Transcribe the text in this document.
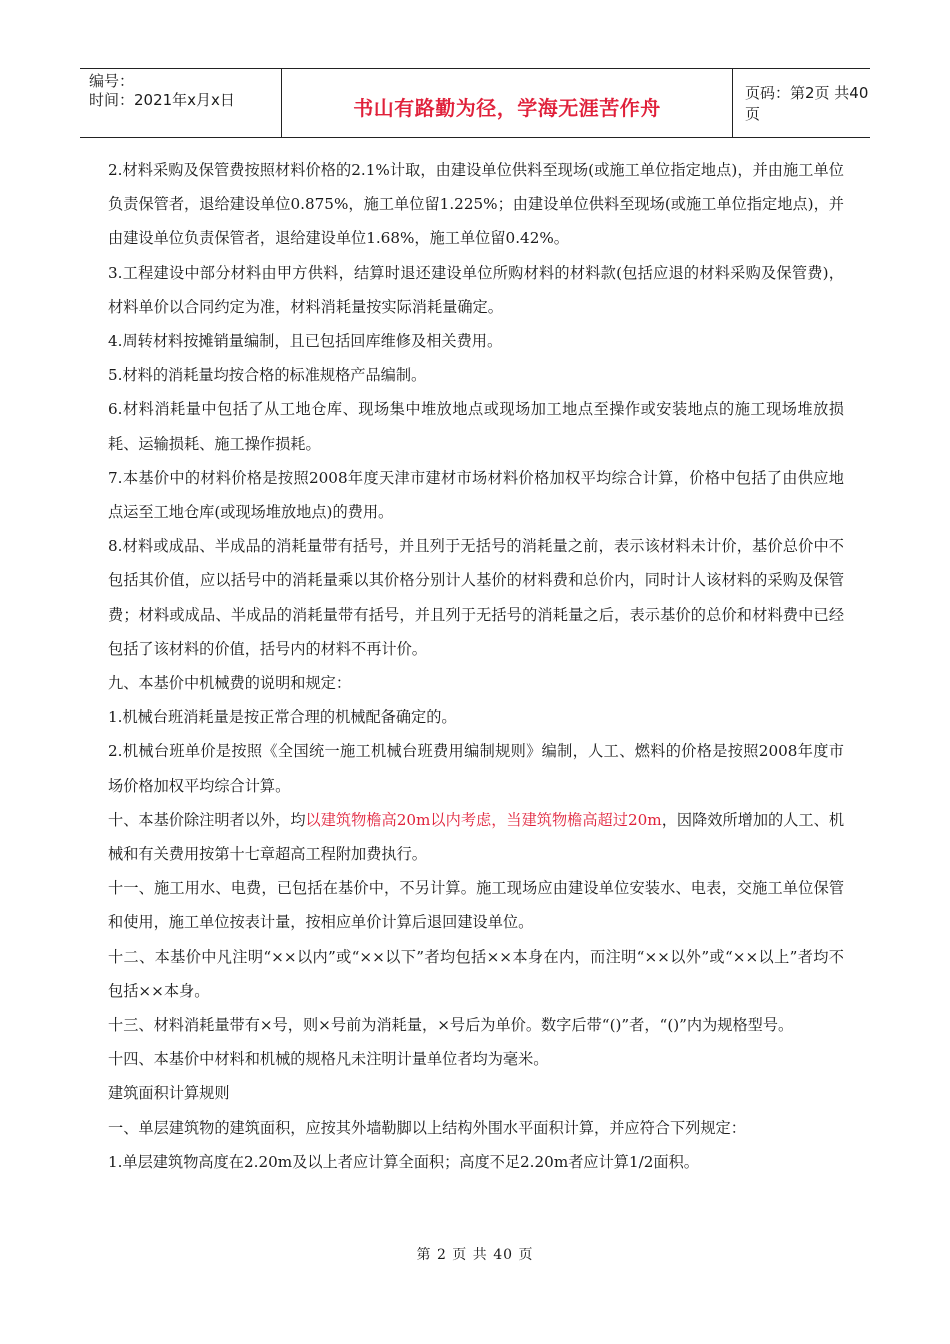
编号：
时间：2021年x月x日	书山有路勤为径，学海无涯苦作舟
页码：第2页 共40页

2.材料采购及保管费按照材料价格的2.1%计取，由建设单位供料至现场(或施工单位指定地点)，并由施工单位负责保管者，退给建设单位0.875%，施工单位留1.225%；由建设单位供料至现场(或施工单位指定地点)，并由建设单位负责保管者，退给建设单位1.68%，施工单位留0.42%。

3.工程建设中部分材料由甲方供料，结算时退还建设单位所购材料的材料款(包括应退的材料采购及保管费)，材料单价以合同约定为准，材料消耗量按实际消耗量确定。

4.周转材料按摊销量编制，且已包括回库维修及相关费用。

5.材料的消耗量均按合格的标准规格产品编制。

6.材料消耗量中包括了从工地仓库、现场集中堆放地点或现场加工地点至操作或安装地点的施工现场堆放损耗、运输损耗、施工操作损耗。

7.本基价中的材料价格是按照2008年度天津市建材市场材料价格加权平均综合计算，价格中包括了由供应地点运至工地仓库(或现场堆放地点)的费用。

8.材料或成品、半成品的消耗量带有括号，并且列于无括号的消耗量之前，表示该材料未计价，基价总价中不包括其价值，应以括号中的消耗量乘以其价格分别计人基价的材料费和总价内，同时计人该材料的采购及保管费；材料或成品、半成品的消耗量带有括号，并且列于无括号的消耗量之后，表示基价的总价和材料费中已经包括了该材料的价值，括号内的材料不再计价。

九、本基价中机械费的说明和规定：

1.机械台班消耗量是按正常合理的机械配备确定的。

2.机械台班单价是按照《全国统一施工机械台班费用编制规则》编制，人工、燃料的价格是按照2008年度市场价格加权平均综合计算。

十、本基价除注明者以外，均以建筑物檐高20m以内考虑，当建筑物檐高超过20m，因降效所增加的人工、机械和有关费用按第十七章超高工程附加费执行。

十一、施工用水、电费，已包括在基价中，不另计算。施工现场应由建设单位安装水、电表，交施工单位保管和使用，施工单位按表计量，按相应单价计算后退回建设单位。

十二、本基价中凡注明“××以内”或“××以下”者均包括××本身在内，而注明“××以外”或“××以上”者均不包括××本身。

十三、材料消耗量带有×号，则×号前为消耗量，×号后为单价。数字后带“()”者，“()”内为规格型号。

十四、本基价中材料和机械的规格凡未注明计量单位者均为毫米。

建筑面积计算规则

一、单层建筑物的建筑面积，应按其外墙勒脚以上结构外围水平面积计算，并应符合下列规定：

1.单层建筑物高度在2.20m及以上者应计算全面积；高度不足2.20m者应计算1/2面积。

第 2 页 共 40 页
